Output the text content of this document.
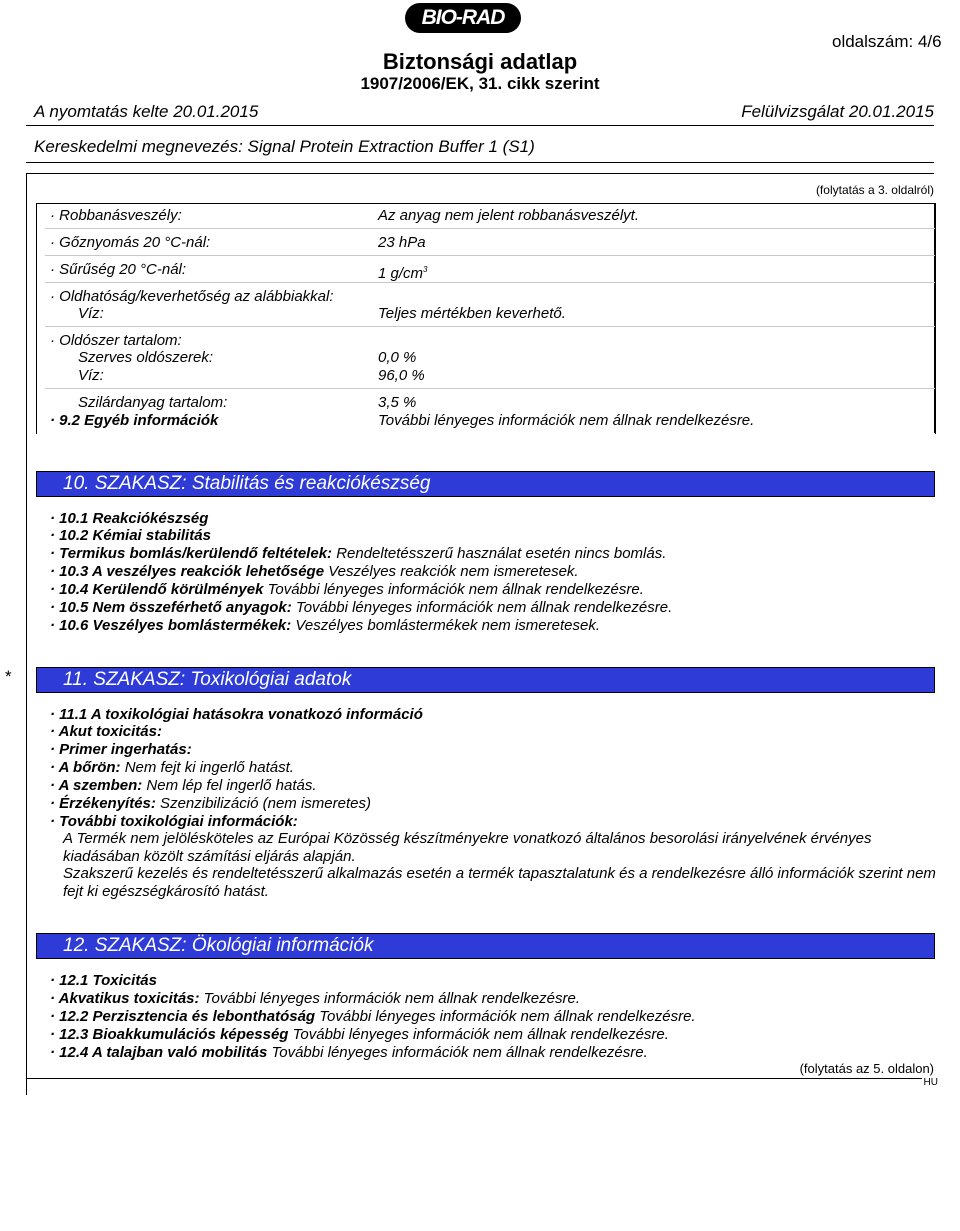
BIO-RAD
oldalszám: 4/6
Biztonsági adatlap
1907/2006/EK, 31. cikk szerint
A nyomtatás kelte 20.01.2015	Felülvizsgálat 20.01.2015
Kereskedelmi megnevezés: Signal Protein Extraction Buffer 1 (S1)
(folytatás a 3. oldalról)
· Robbanásveszély:	Az anyag nem jelent robbanásveszélyt.
· Gőznyomás 20 °C-nál:	23 hPa
· Sűrűség 20 °C-nál:	1 $g/cm^3$
· Oldhatóság/keverhetőség az alábbiakkal:
Víz:	Teljes mértékben keverhető.
· Oldószer tartalom:
Szerves oldószerek:	0,0 %
Víz:	96,0 %
Szilárdanyag tartalom:	3,5 %
· 9.2 Egyéb információk	További lényeges információk nem állnak rendelkezésre.
10. SZAKASZ: Stabilitás és reakciókészség
· 10.1 Reakciókészség
· 10.2 Kémiai stabilitás
· Termikus bomlás/kerülendő feltételek: Rendeltetésszerű használat esetén nincs bomlás.
· 10.3 A veszélyes reakciók lehetősége Veszélyes reakciók nem ismeretesek.
· 10.4 Kerülendő körülmények További lényeges információk nem állnak rendelkezésre.
· 10.5 Nem összeférhető anyagok: További lényeges információk nem állnak rendelkezésre.
· 10.6 Veszélyes bomlástermékek: Veszélyes bomlástermékek nem ismeretesek.
*	11. SZAKASZ: Toxikológiai adatok
· 11.1 A toxikológiai hatásokra vonatkozó információ
· Akut toxicitás:
· Primer ingerhatás:
· A bőrön: Nem fejt ki ingerlő hatást.
· A szemben: Nem lép fel ingerlő hatás.
· Érzékenyítés: Szenzibilizáció (nem ismeretes)
· További toxikológiai információk:
A Termék nem jelölésköteles az Európai Közösség készítményekre vonatkozó általános besorolási irányelvének érvényes kiadásában közölt számítási eljárás alapján.
Szakszerű kezelés és rendeltetésszerű alkalmazás esetén a termék tapasztalatunk és a rendelkezésre álló információk szerint nem fejt ki egészségkárosító hatást.
12. SZAKASZ: Ökológiai információk
· 12.1 Toxicitás
· Akvatikus toxicitás: További lényeges információk nem állnak rendelkezésre.
· 12.2 Perzisztencia és lebonthatóság További lényeges információk nem állnak rendelkezésre.
· 12.3 Bioakkumulációs képesség További lényeges információk nem állnak rendelkezésre.
· 12.4 A talajban való mobilitás További lényeges információk nem állnak rendelkezésre.
(folytatás az 5. oldalon)
HU
